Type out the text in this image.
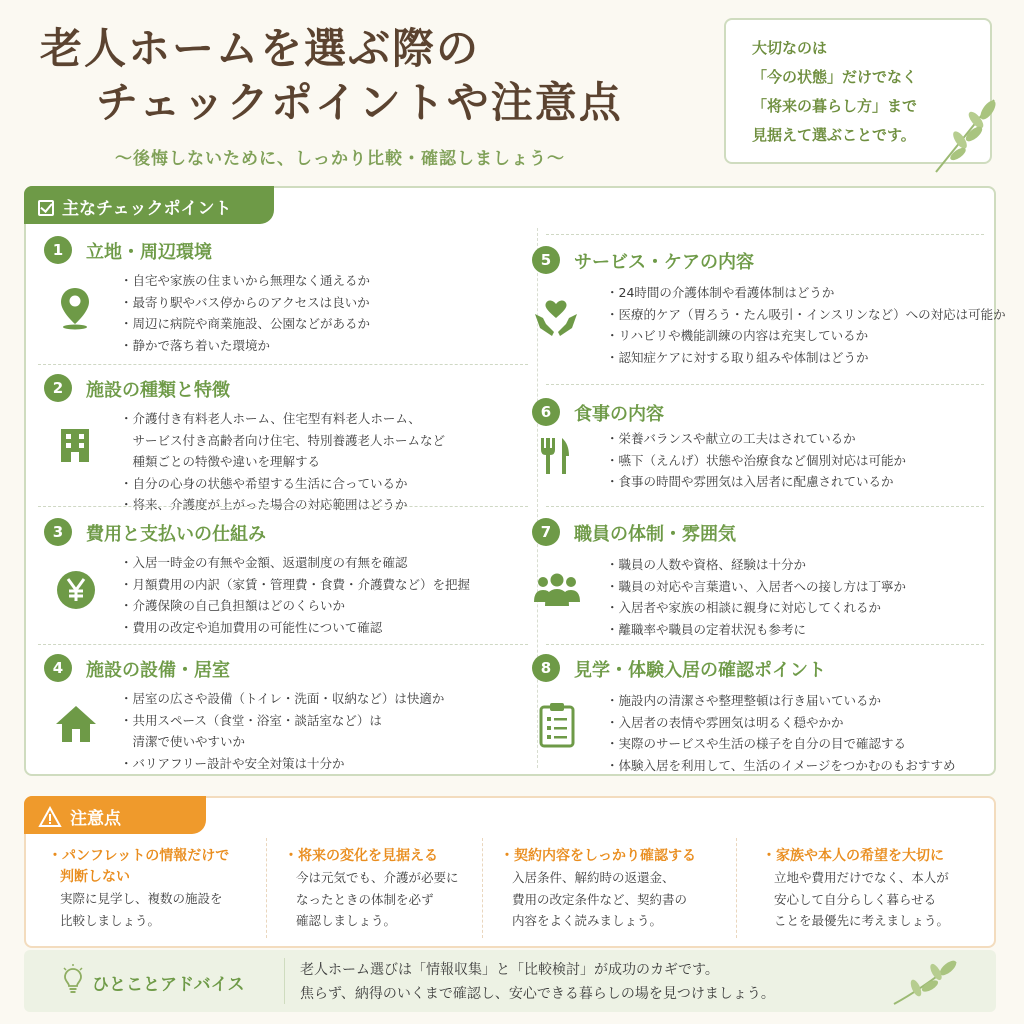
老人ホームを選ぶ際の
チェックポイントや注意点
〜後悔しないために、しっかり比較・確認しましょう〜
大切なのは
「今の状態」だけでなく
「将来の暮らし方」まで
見据えて選ぶことです。
主なチェックポイント
1	立地・周辺環境
・ 自宅や家族の住まいから無理なく通えるか
・ 最寄り駅やバス停からのアクセスは良いか
・ 周辺に病院や商業施設、公園などがあるか
・ 静かで落ち着いた環境か
2	施設の種類と特徴
・ 介護付き有料老人ホーム、住宅型有料老人ホーム、
サービス付き高齢者向け住宅、特別養護老人ホームなど
種類ごとの特徴や違いを理解する
・ 自分の心身の状態や希望する生活に合っているか
・ 将来、介護度が上がった場合の対応範囲はどうか
3	費用と支払いの仕組み
・ 入居一時金の有無や金額、返還制度の有無を確認
・ 月額費用の内訳（家賃・管理費・食費・介護費など）を把握
・ 介護保険の自己負担額はどのくらいか
・ 費用の改定や追加費用の可能性について確認
4	施設の設備・居室
・ 居室の広さや設備（トイレ・洗面・収納など）は快適か
・ 共用スペース（食堂・浴室・談話室など）は
清潔で使いやすいか
・ バリアフリー設計や安全対策は十分か
5	サービス・ケアの内容
・ 24時間の介護体制や看護体制はどうか
・ 医療的ケア（胃ろう・たん吸引・インスリンなど）への対応は可能か
・ リハビリや機能訓練の内容は充実しているか
・ 認知症ケアに対する取り組みや体制はどうか
6	食事の内容
・ 栄養バランスや献立の工夫はされているか
・ 嚥下（えんげ）状態や治療食など個別対応は可能か
・ 食事の時間や雰囲気は入居者に配慮されているか
7	職員の体制・雰囲気
・ 職員の人数や資格、経験は十分か
・ 職員の対応や言葉遣い、入居者への接し方は丁寧か
・ 入居者や家族の相談に親身に対応してくれるか
・ 離職率や職員の定着状況も参考に
8	見学・体験入居の確認ポイント
・ 施設内の清潔さや整理整頓は行き届いているか
・ 入居者の表情や雰囲気は明るく穏やかか
・ 実際のサービスや生活の様子を自分の目で確認する
・ 体験入居を利用して、生活のイメージをつかむのもおすすめ
注意点
・パンフレットの情報だけで
判断しない
実際に見学し、複数の施設を
比較しましょう。
・将来の変化を見据える
今は元気でも、介護が必要に
なったときの体制を必ず
確認しましょう。
・契約内容をしっかり確認する
入居条件、解約時の返還金、
費用の改定条件など、契約書の
内容をよく読みましょう。
・家族や本人の希望を大切に
立地や費用だけでなく、本人が
安心して自分らしく暮らせる
ことを最優先に考えましょう。
ひとことアドバイス
老人ホーム選びは「情報収集」と「比較検討」が成功のカギです。
焦らず、納得のいくまで確認し、安心できる暮らしの場を見つけましょう。
